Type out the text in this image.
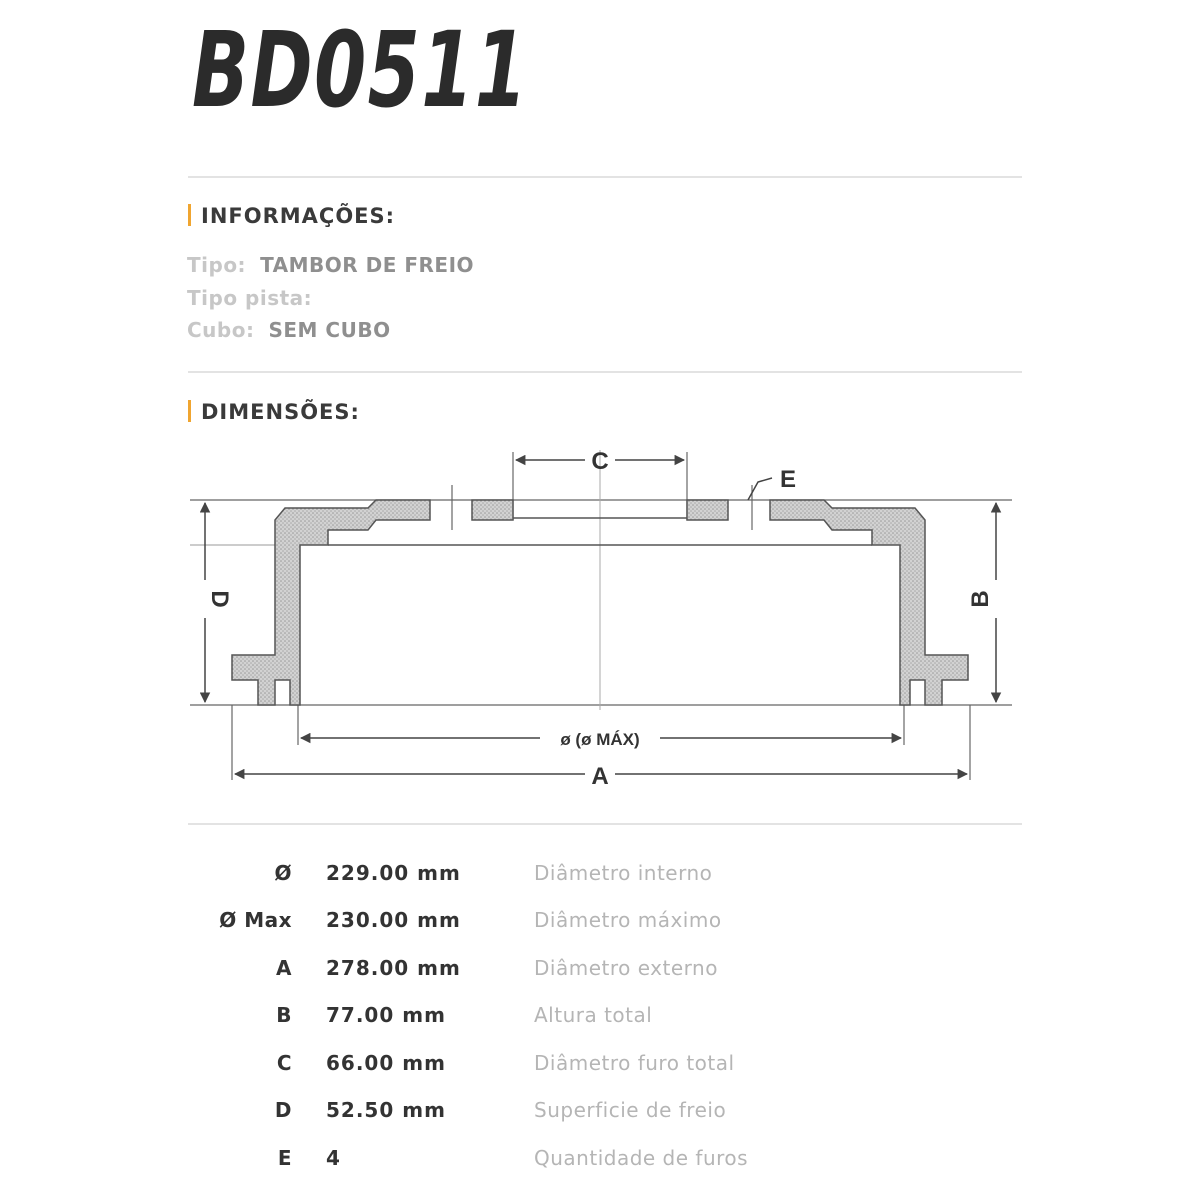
BD0511
INFORMAÇÕES:
Tipo: TAMBOR DE FREIO
Tipo pista:
Cubo: SEM CUBO
DIMENSÕES:
C
E
D	B
ø (ø MÁX)
A
Ø 229.00 mm	Diâmetro interno
Ø Max 230.00 mm	Diâmetro máximo
A 278.00 mm	Diâmetro externo
B 77.00 mm	Altura total
C 66.00 mm	Diâmetro furo total
D 52.50 mm	Superficie de freio
E 4	Quantidade de furos
